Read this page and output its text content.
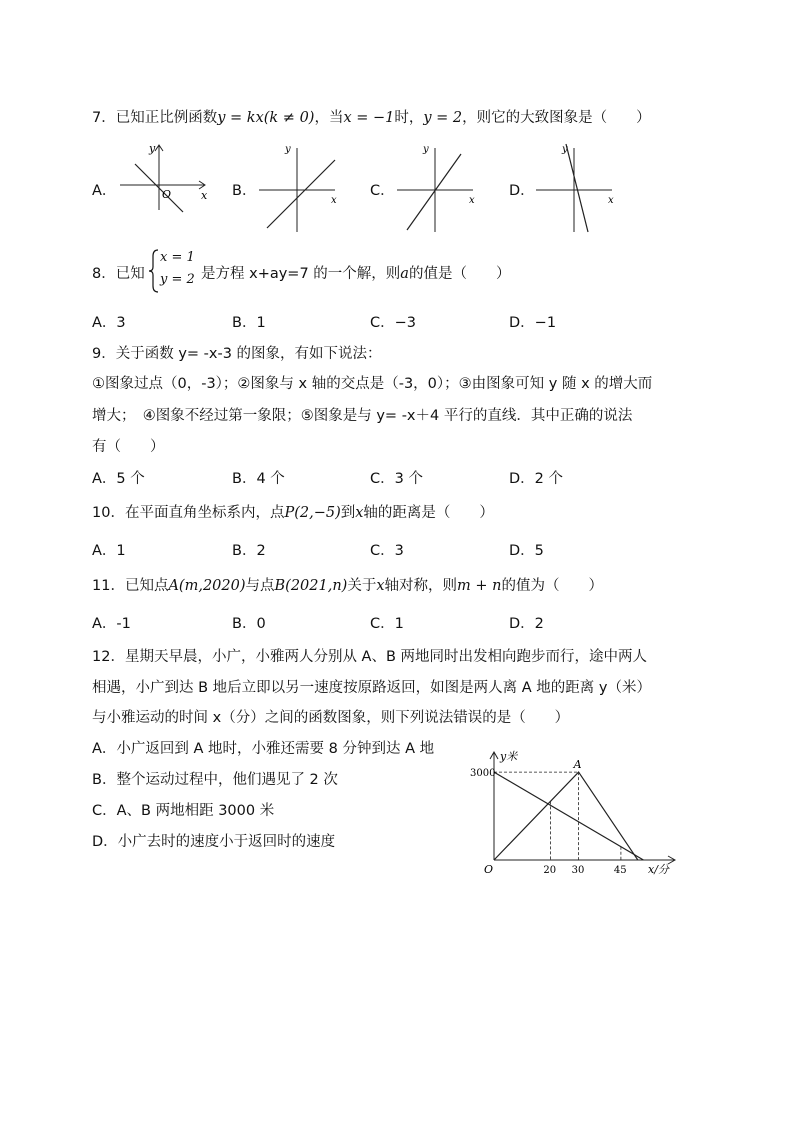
7．已知正比例函数y = kx(k ≠ 0)，当x = −1时，y = 2，则它的大致图象是（　　）
A．	B．	C．	D．
y
x
O
y
x
y
x
y
x
8．已知
x = 1
y = 2 是方程 x+ay=7 的一个解，则a的值是（　　）
A．3	B．1	C．−3	D．−1
9．关于函数 y= -x-3 的图象，有如下说法：
①图象过点（0，-3）；②图象与 x 轴的交点是（-3，0）；③由图象可知 y 随 x 的增大而
增大；　④图象不经过第一象限；⑤图象是与 y= -x＋4 平行的直线．其中正确的说法
有（　　）
A．5 个	B．4 个	C．3 个	D．2 个
10．在平面直角坐标系内，点P(2,−5)到x轴的距离是（　　）
A．1	B．2	C．3	D．5
11．已知点A(m,2020)与点B(2021,n)关于x轴对称，则m + n的值为（　　）
A．-1	B．0	C．1	D．2
12．星期天早晨，小广，小雅两人分别从 A、B 两地同时出发相向跑步而行，途中两人
相遇，小广到达 B 地后立即以另一速度按原路返回，如图是两人离 A 地的距离 y（米）
与小雅运动的时间 x（分）之间的函数图象，则下列说法错误的是（　　）
A．小广返回到 A 地时，小雅还需要 8 分钟到达 A 地
B．整个运动过程中，他们遇见了 2 次
C．A、B 两地相距 3000 米
D．小广去时的速度小于返回时的速度
y米
x/分
O	20 30	45
3000
A
